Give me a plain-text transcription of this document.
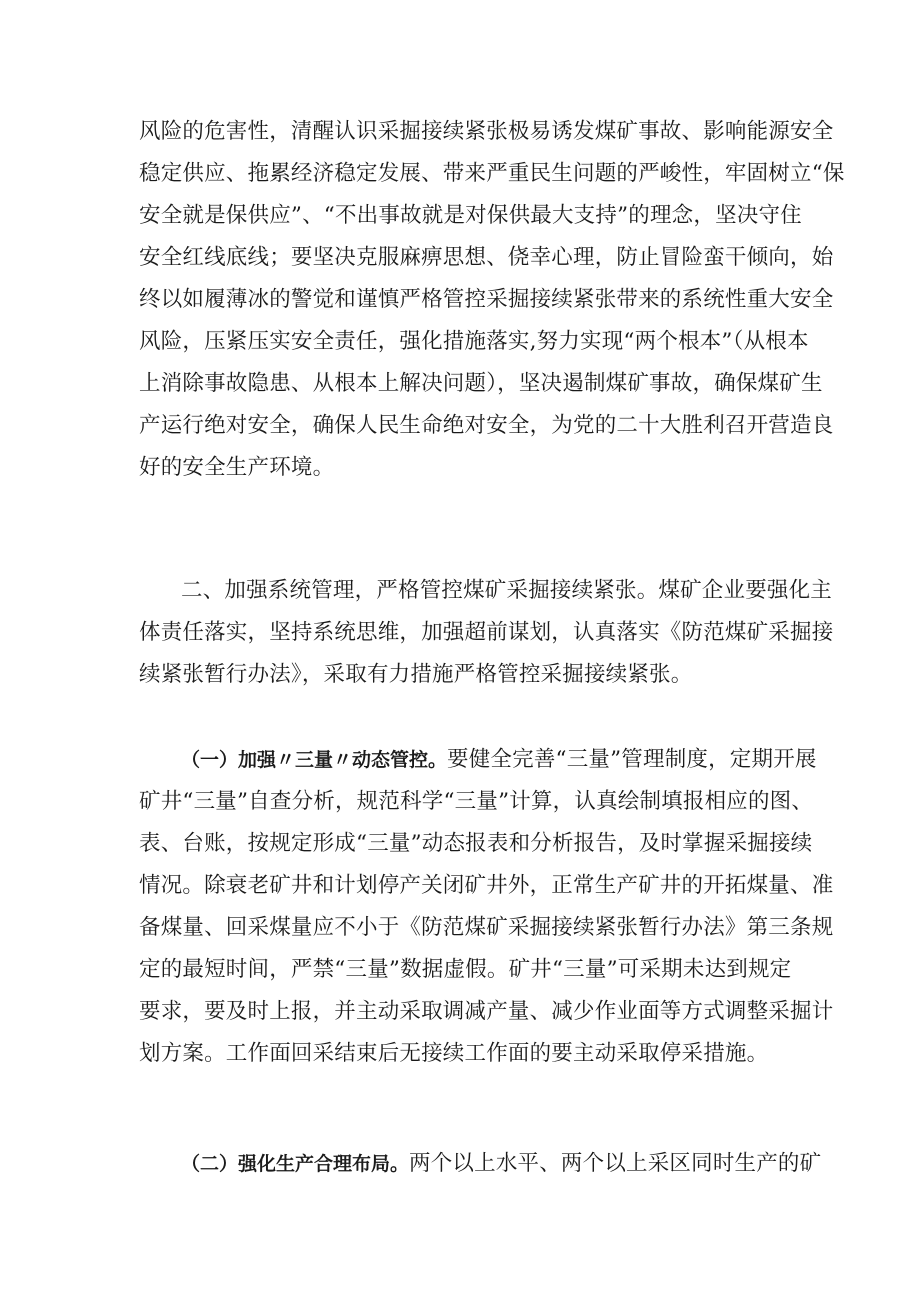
风险的危害性，清醒认识采掘接续紧张极易诱发煤矿事故、影响能源安全
稳定供应、拖累经济稳定发展、带来严重民生问题的严峻性，牢固树立“保
安全就是保供应”、“不出事故就是对保供最大支持”的理念，坚决守住
安全红线底线；要坚决克服麻痹思想、侥幸心理，防止冒险蛮干倾向，始
终以如履薄冰的警觉和谨慎严格管控采掘接续紧张带来的系统性重大安全
风险，压紧压实安全责任，强化措施落实,努力实现“两个根本”（从根本
上消除事故隐患、从根本上解决问题），坚决遏制煤矿事故，确保煤矿生
产运行绝对安全，确保人民生命绝对安全，为党的二十大胜利召开营造良
好的安全生产环境。
二、加强系统管理，严格管控煤矿采掘接续紧张。煤矿企业要强化主
体责任落实，坚持系统思维，加强超前谋划，认真落实《防范煤矿采掘接
续紧张暂行办法》，采取有力措施严格管控采掘接续紧张。
（一）加强〃三量〃动态管控。要健全完善“三量”管理制度，定期开展
矿井“三量”自查分析，规范科学“三量”计算，认真绘制填报相应的图、
表、台账，按规定形成“三量”动态报表和分析报告，及时掌握采掘接续
情况。除衰老矿井和计划停产关闭矿井外，正常生产矿井的开拓煤量、准
备煤量、回采煤量应不小于《防范煤矿采掘接续紧张暂行办法》第三条规
定的最短时间，严禁“三量”数据虚假。矿井“三量”可采期未达到规定
要求，要及时上报，并主动采取调减产量、减少作业面等方式调整采掘计
划方案。工作面回采结束后无接续工作面的要主动采取停采措施。
（二）强化生产合理布局。两个以上水平、两个以上采区同时生产的矿
